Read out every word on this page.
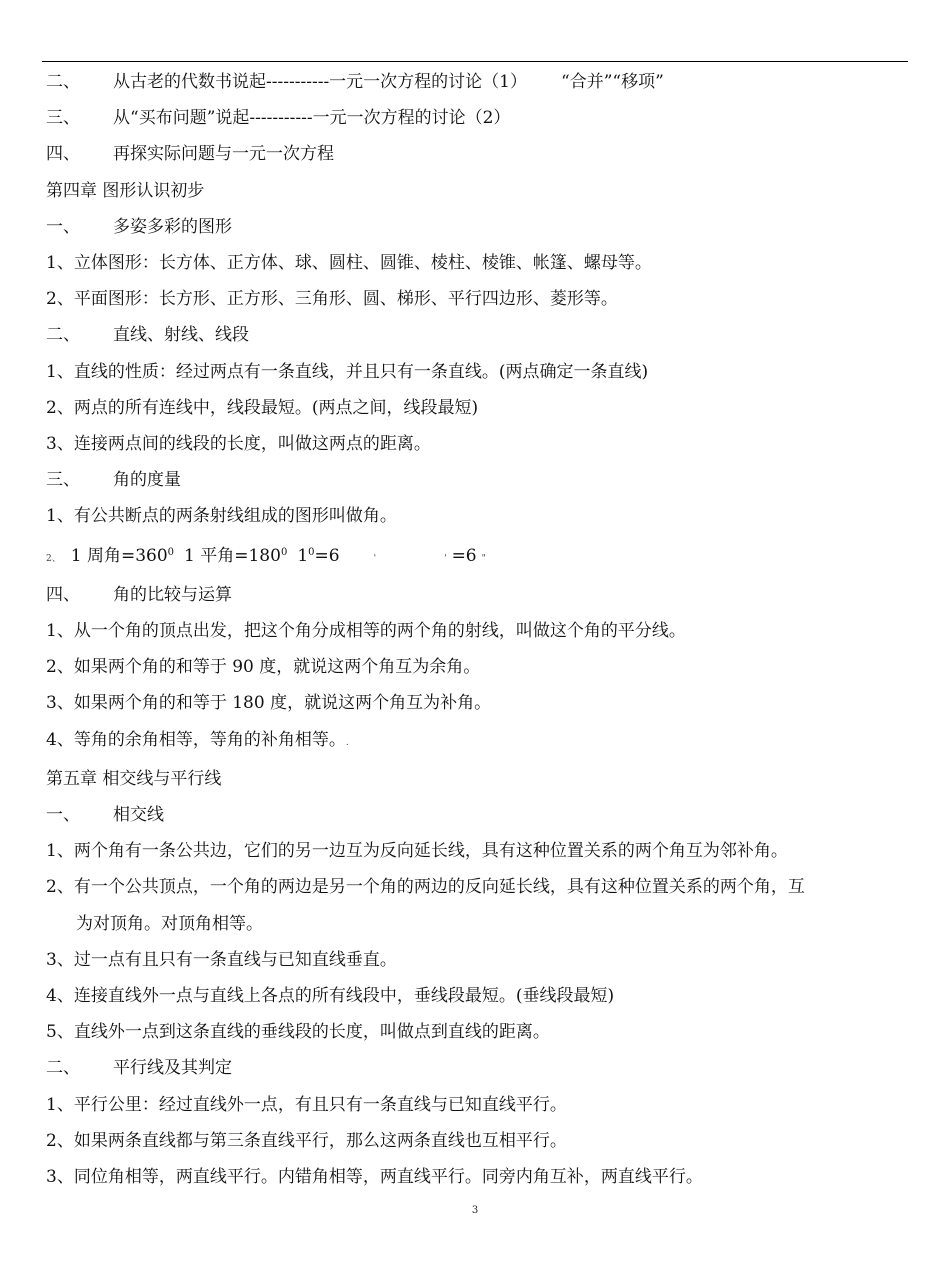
二、 从古老的代数书说起-----------一元一次方程的讨论（1） “合并”“移项”
三、 从“买布问题”说起-----------一元一次方程的讨论（2）
四、 再探实际问题与一元一次方程
第四章 图形认识初步
一、 多姿多彩的图形
1、立体图形：长方体、正方体、球、圆柱、圆锥、棱柱、棱锥、帐篷、螺母等。
2、平面图形：长方形、正方形、三角形、圆、梯形、平行四边形、菱形等。
二、 直线、射线、线段
1、直线的性质：经过两点有一条直线，并且只有一条直线。(两点确定一条直线)
2、两点的所有连线中，线段最短。(两点之间，线段最短)
3、连接两点间的线段的长度，叫做这两点的距离。
三、 角的度量
1、有公共断点的两条射线组成的图形叫做角。
2、 1 周角$=360^0$ 1 平角$=180^0$ $1^0=6$	'	' =6 "
四、 角的比较与运算
1、从一个角的顶点出发，把这个角分成相等的两个角的射线，叫做这个角的平分线。
2、如果两个角的和等于 90 度，就说这两个角互为余角。
3、如果两个角的和等于 180 度，就说这两个角互为补角。
4、等角的余角相等，等角的补角相等。.
第五章 相交线与平行线
一、 相交线
1、两个角有一条公共边，它们的另一边互为反向延长线，具有这种位置关系的两个角互为邻补角。
2、有一个公共顶点，一个角的两边是另一个角的两边的反向延长线，具有这种位置关系的两个角，互
为对顶角。对顶角相等。
3、过一点有且只有一条直线与已知直线垂直。
4、连接直线外一点与直线上各点的所有线段中，垂线段最短。(垂线段最短)
5、直线外一点到这条直线的垂线段的长度，叫做点到直线的距离。
二、 平行线及其判定
1、平行公里：经过直线外一点，有且只有一条直线与已知直线平行。
2、如果两条直线都与第三条直线平行，那么这两条直线也互相平行。
3、同位角相等，两直线平行。内错角相等，两直线平行。同旁内角互补，两直线平行。
3
